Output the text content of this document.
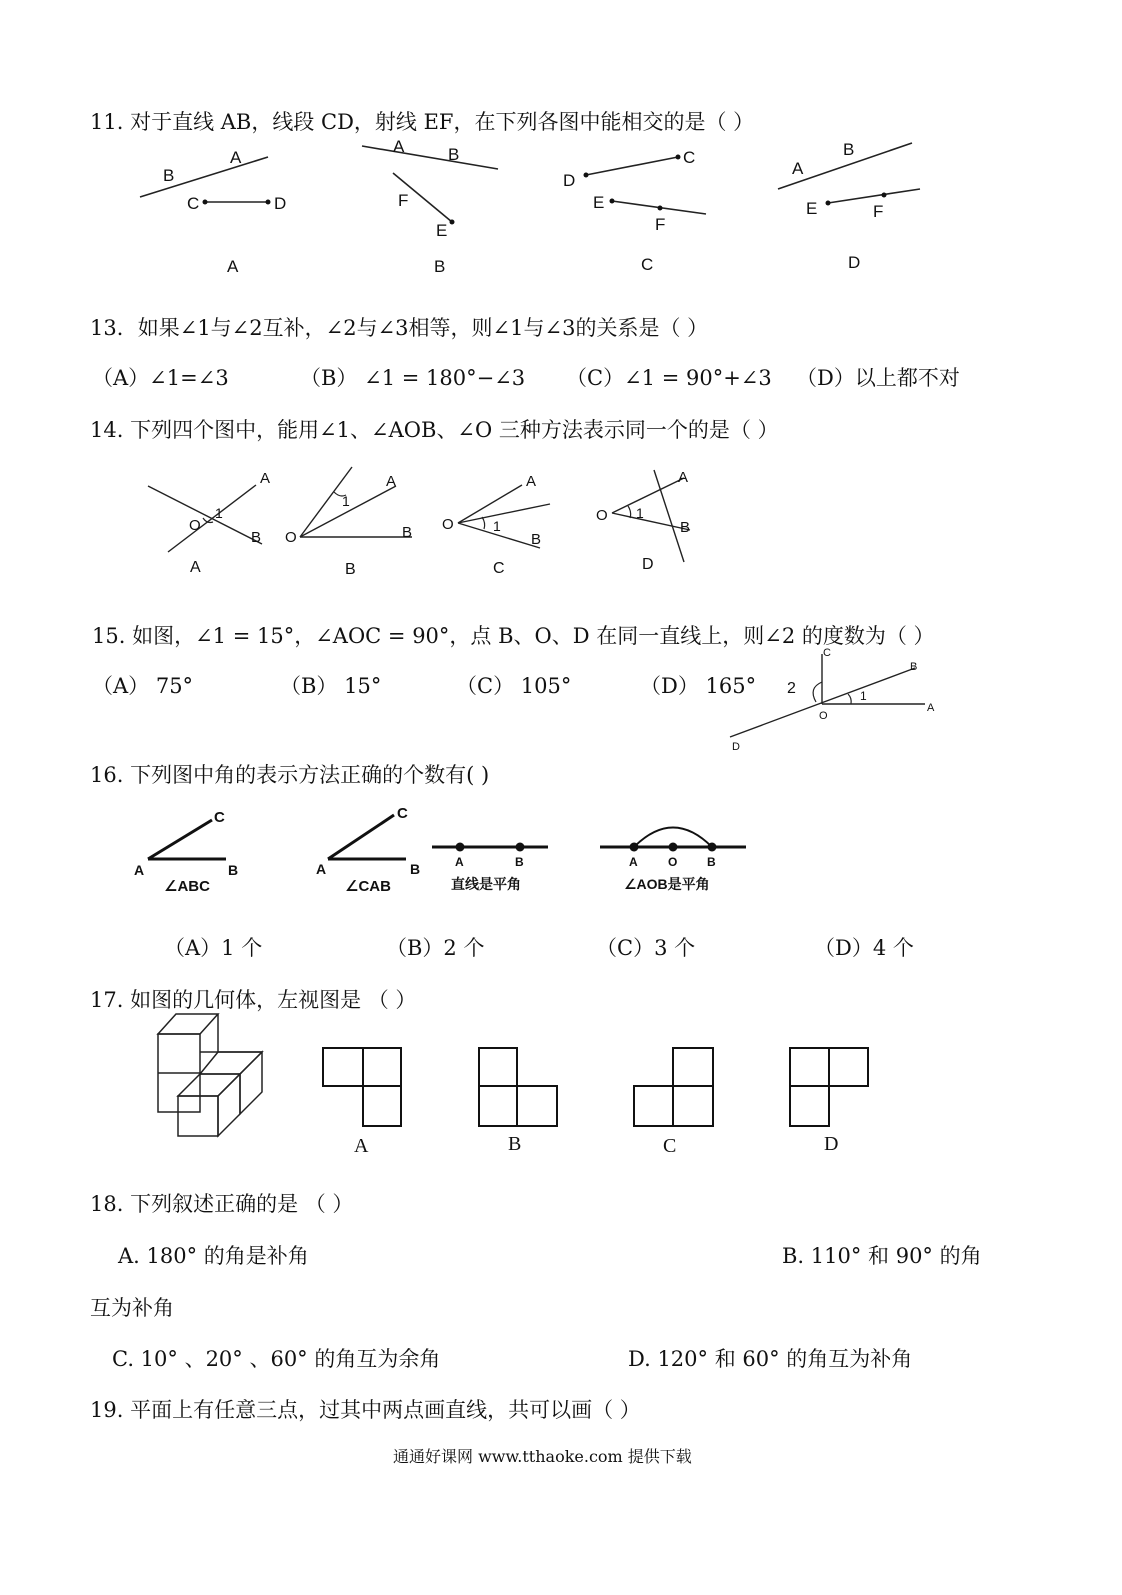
11. 对于直线 AB，线段 CD，射线 EF，在下列各图中能相交的是（ ）
B
A
C	D
A
A	B
F
E
B
D
C
E
F
C
A
B
E	F
D
13．如果∠1与∠2互补，∠2与∠3相等，则∠1与∠3的关系是（ ）
（A）∠1=∠3	（B） ∠1 = 180°−∠3 （C）∠1 = 90°+∠3 （D）以上都不对
14. 下列四个图中，能用∠1、∠AOB、∠O 三种方法表示同一个的是（ ）
A
O
1
B
A
A
1
O	B
B
A
O	1
B
C
A
O 1
B
D
15. 如图，∠1 = 15°，∠AOC = 90°，点 B、O、D 在同一直线上，则∠2 的度数为（ ）
（A） 75°	（B） 15°	（C） 105°	（D） 165°
C
B
2	1
O
A
D
16. 下列图中角的表示方法正确的个数有( )
C
A	B
∠ABC
C
A	B
∠CAB
A	B
直线是平角
A	O B
∠AOB是平角
（A）1 个	（B）2 个	（C）3 个	（D）4 个
17. 如图的几何体，左视图是 （ ）
A	B	C	D
18. 下列叙述正确的是 （ ）
A. 180° 的角是补角	B. 110° 和 90° 的角
互为补角
C. 10° 、20° 、60° 的角互为余角	D. 120° 和 60° 的角互为补角
19. 平面上有任意三点，过其中两点画直线，共可以画（ ）
通通好课网 www.tthaoke.com 提供下载
